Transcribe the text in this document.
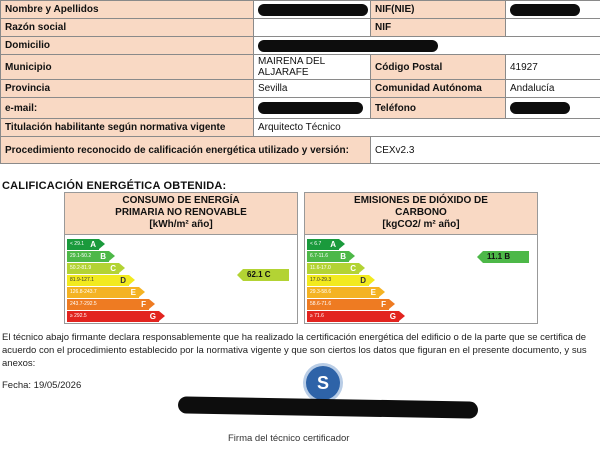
Nombre y Apellidos		NIF(NIE)	
Razón social		NIF	
Domicilio			
Municipio	MAIRENA DEL ALJARAFE	Código Postal	41927
Provincia	Sevilla	Comunidad Autónoma	Andalucía
e-mail:		Teléfono	
Titulación habilitante según normativa vigente	Arquitecto Técnico		
Procedimiento reconocido de calificación energética utilizado y versión:		CEXv2.3	
CALIFICACIÓN ENERGÉTICA OBTENIDA:
CONSUMO DE ENERGÍA
PRIMARIA NO RENOVABLE
[kWh/m² año]
< 29.1 A
29.1-50.2 B
50.2-81.9 C
81.9-127.1	D
126.8-243.7	E
243.7-292.5	F
≥ 292.5	G
62.1 C
EMISIONES DE DIÓXIDO DE
CARBONO
[kgCO2/ m² año]
< 6.7 A
6.7-11.6 B
11.6-17.0 C
17.0-29.3	D
29.3-58.6	E
58.6-71.6	F
≥ 71.6	G
11.1 B
El técnico abajo firmante declara responsablemente que ha realizado la certificación energética del edificio o de la parte que se certifica de acuerdo con el procedimiento establecido por la normativa vigente y que son ciertos los datos que figuran en el presente documento, y sus anexos:
Fecha: 19/05/2026	S
Firma del técnico certificador
